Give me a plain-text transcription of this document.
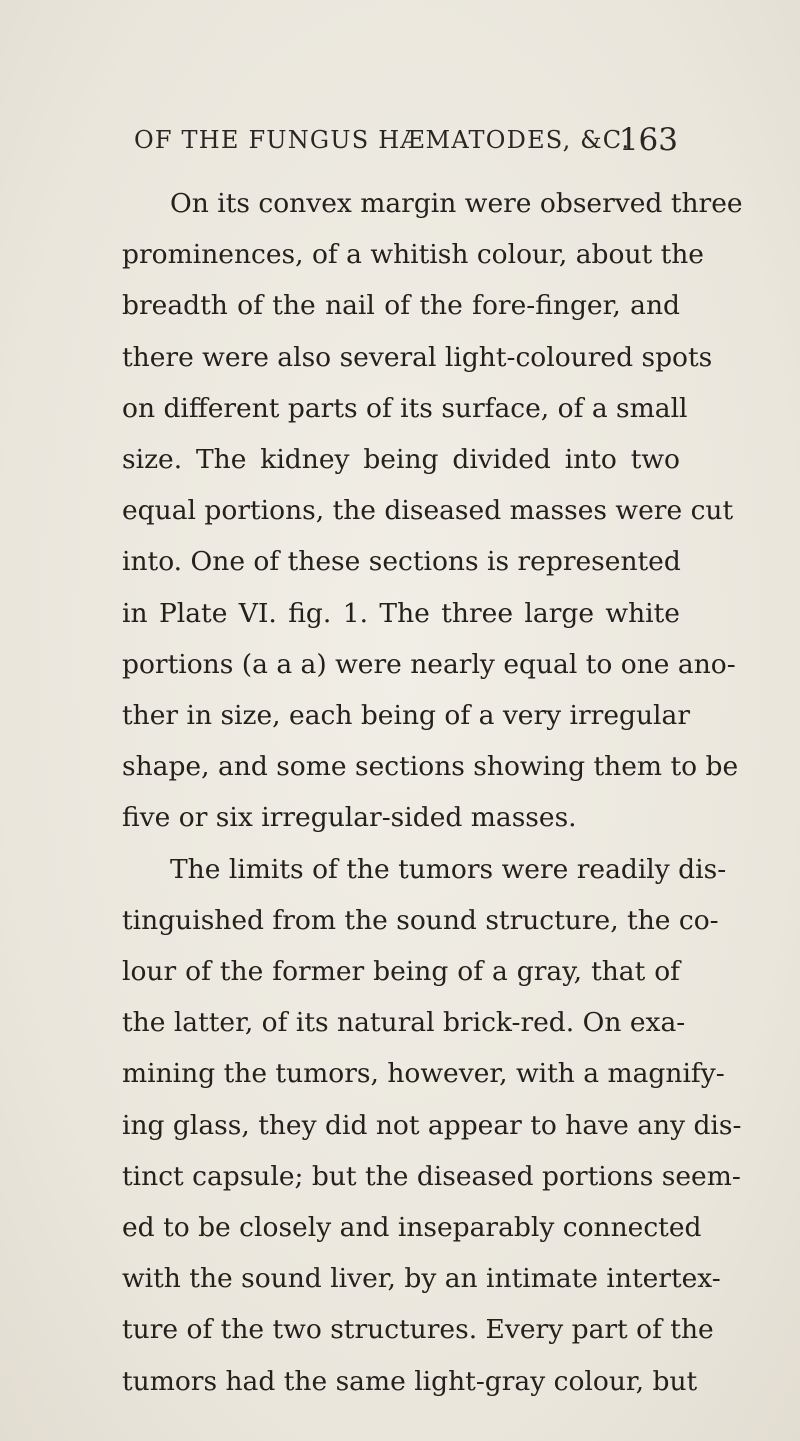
OF THE FUNGUS HÆMATODES, &C.
163
On its convex margin were observed three
prominences, of a whitish colour, about the
breadth of the nail of the fore-finger, and
there were also several light-coloured spots
on different parts of its surface, of a small
size. The kidney being divided into two
equal portions, the diseased masses were cut
into. One of these sections is represented
in Plate VI. fig. 1. The three large white
portions (a a a) were nearly equal to one ano-
ther in size, each being of a very irregular
shape, and some sections showing them to be
five or six irregular-sided masses.
The limits of the tumors were readily dis-
tinguished from the sound structure, the co-
lour of the former being of a gray, that of
the latter, of its natural brick-red. On exa-
mining the tumors, however, with a magnify-
ing glass, they did not appear to have any dis-
tinct capsule; but the diseased portions seem-
ed to be closely and inseparably connected
with the sound liver, by an intimate intertex-
ture of the two structures. Every part of the
tumors had the same light-gray colour, but
